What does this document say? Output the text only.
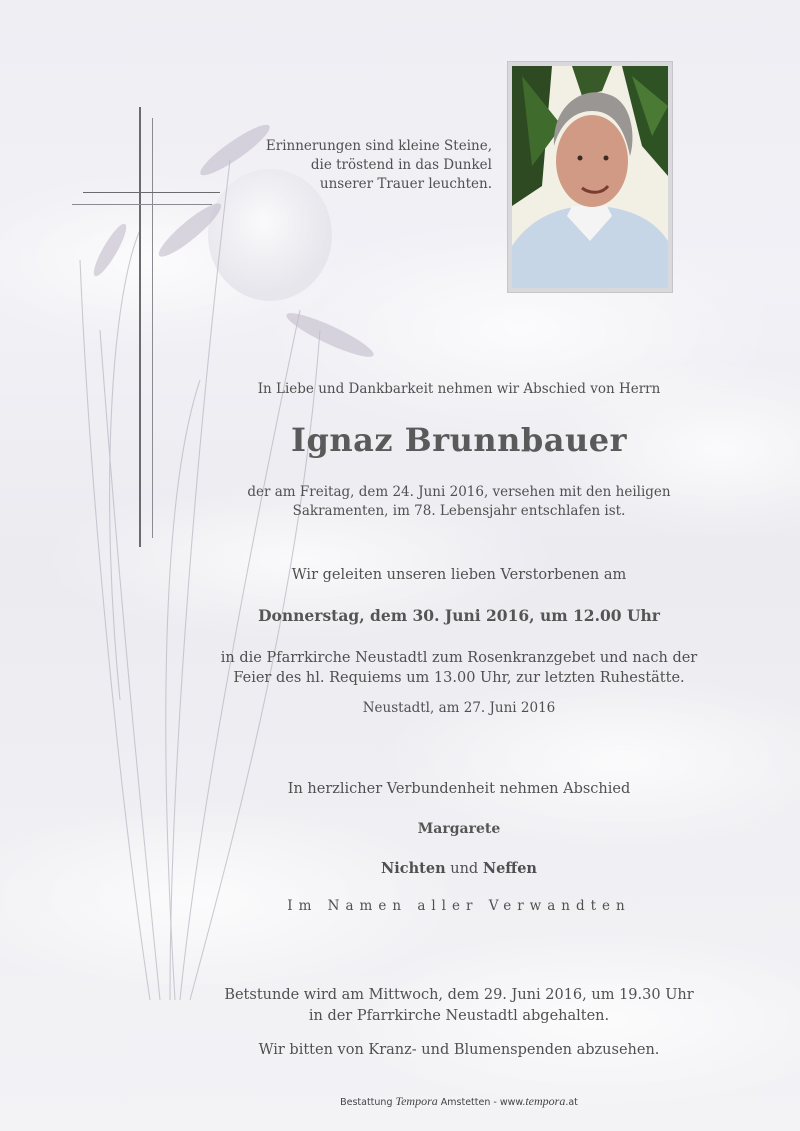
Erinnerungen sind kleine Steine,
die tröstend in das Dunkel
unserer Trauer leuchten.
In Liebe und Dankbarkeit nehmen wir Abschied von Herrn
Ignaz Brunnbauer
der am Freitag, dem 24. Juni 2016, versehen mit den heiligen
Sakramenten, im 78. Lebensjahr entschlafen ist.
Wir geleiten unseren lieben Verstorbenen am
Donnerstag, dem 30. Juni 2016, um 12.00 Uhr
in die Pfarrkirche Neustadtl zum Rosenkranzgebet und nach der
Feier des hl. Requiems um 13.00 Uhr, zur letzten Ruhestätte.
Neustadtl, am 27. Juni 2016
In herzlicher Verbundenheit nehmen Abschied
Margarete
Nichten und Neffen
Im Namen aller Verwandten
Betstunde wird am Mittwoch, dem 29. Juni 2016, um 19.30 Uhr
in der Pfarrkirche Neustadtl abgehalten.
Wir bitten von Kranz- und Blumenspenden abzusehen.
Bestattung Tempora Amstetten - www.tempora.at
